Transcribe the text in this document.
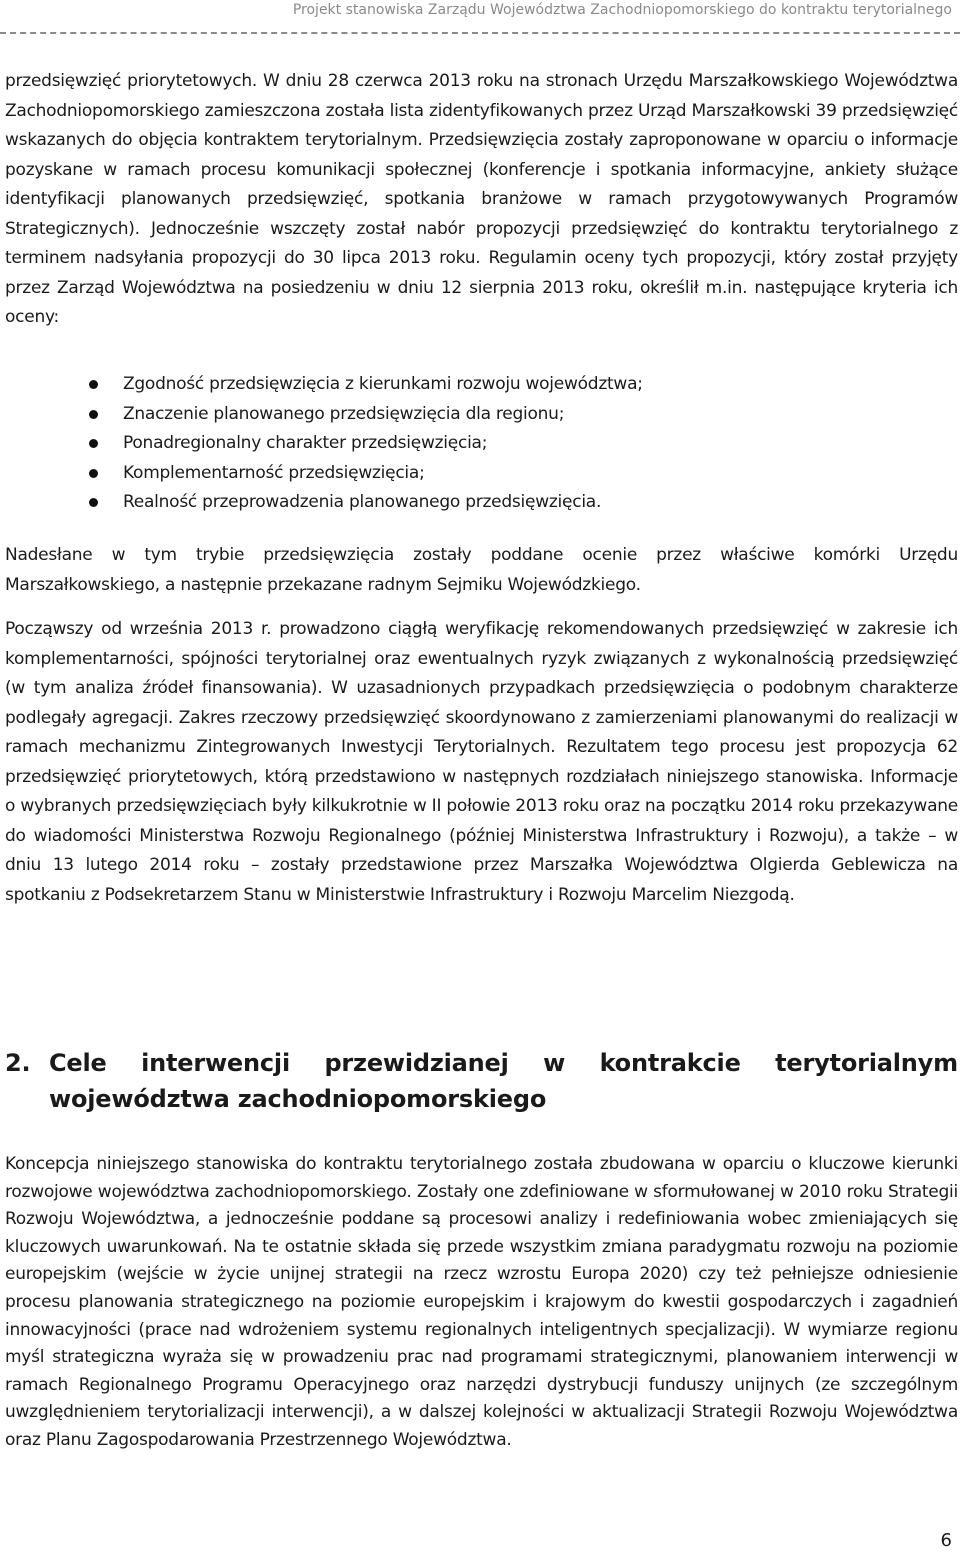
Projekt stanowiska Zarządu Województwa Zachodniopomorskiego do kontraktu terytorialnego

przedsięwzięć priorytetowych. W dniu 28 czerwca 2013 roku na stronach Urzędu Marszałkowskiego Województwa Zachodniopomorskiego zamieszczona została lista zidentyfikowanych przez Urząd Marszałkowski 39 przedsięwzięć wskazanych do objęcia kontraktem terytorialnym. Przedsięwzięcia zostały zaproponowane w oparciu o informacje pozyskane w ramach procesu komunikacji społecznej (konferencje i spotkania informacyjne, ankiety służące identyfikacji planowanych przedsięwzięć, spotkania branżowe w ramach przygotowywanych Programów Strategicznych). Jednocześnie wszczęty został nabór propozycji przedsięwzięć do kontraktu terytorialnego z terminem nadsyłania propozycji do 30 lipca 2013 roku. Regulamin oceny tych propozycji, który został przyjęty przez Zarząd Województwa na posiedzeniu w dniu 12 sierpnia 2013 roku, określił m.in. następujące kryteria ich oceny:

Zgodność przedsięwzięcia z kierunkami rozwoju województwa;
Znaczenie planowanego przedsięwzięcia dla regionu;
Ponadregionalny charakter przedsięwzięcia;
Komplementarność przedsięwzięcia;
Realność przeprowadzenia planowanego przedsięwzięcia.

Nadesłane w tym trybie przedsięwzięcia zostały poddane ocenie przez właściwe komórki Urzędu Marszałkowskiego, a następnie przekazane radnym Sejmiku Wojewódzkiego.

Począwszy od września 2013 r. prowadzono ciągłą weryfikację rekomendowanych przedsięwzięć w zakresie ich komplementarności, spójności terytorialnej oraz ewentualnych ryzyk związanych z wykonalnością przedsięwzięć (w tym analiza źródeł finansowania). W uzasadnionych przypadkach przedsięwzięcia o podobnym charakterze podlegały agregacji. Zakres rzeczowy przedsięwzięć skoordynowano z zamierzeniami planowanymi do realizacji w ramach mechanizmu Zintegrowanych Inwestycji Terytorialnych. Rezultatem tego procesu jest propozycja 62 przedsięwzięć priorytetowych, którą przedstawiono w następnych rozdziałach niniejszego stanowiska. Informacje o wybranych przedsięwzięciach były kilkukrotnie w II połowie 2013 roku oraz na początku 2014 roku przekazywane do wiadomości Ministerstwa Rozwoju Regionalnego (później Ministerstwa Infrastruktury i Rozwoju), a także – w dniu 13 lutego 2014 roku – zostały przedstawione przez Marszałka Województwa Olgierda Geblewicza na spotkaniu z Podsekretarzem Stanu w Ministerstwie Infrastruktury i Rozwoju Marcelim Niezgodą.

2. Cele interwencji przewidzianej w kontrakcie terytorialnym
województwa zachodniopomorskiego

Koncepcja niniejszego stanowiska do kontraktu terytorialnego została zbudowana w oparciu o kluczowe kierunki rozwojowe województwa zachodniopomorskiego. Zostały one zdefiniowane w sformułowanej w 2010 roku Strategii Rozwoju Województwa, a jednocześnie poddane są procesowi analizy i redefiniowania wobec zmieniających się kluczowych uwarunkowań. Na te ostatnie składa się przede wszystkim zmiana paradygmatu rozwoju na poziomie europejskim (wejście w życie unijnej strategii na rzecz wzrostu Europa 2020) czy też pełniejsze odniesienie procesu planowania strategicznego na poziomie europejskim i krajowym do kwestii gospodarczych i zagadnień innowacyjności (prace nad wdrożeniem systemu regionalnych inteligentnych specjalizacji). W wymiarze regionu myśl strategiczna wyraża się w prowadzeniu prac nad programami strategicznymi, planowaniem interwencji w ramach Regionalnego Programu Operacyjnego oraz narzędzi dystrybucji funduszy unijnych (ze szczególnym uwzględnieniem terytorializacji interwencji), a w dalszej kolejności w aktualizacji Strategii Rozwoju Województwa oraz Planu Zagospodarowania Przestrzennego Województwa.

6
